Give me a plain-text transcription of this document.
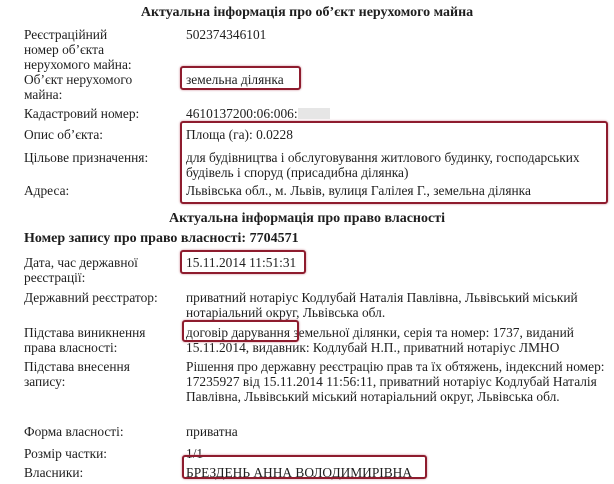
Актуальна інформація про об’єкт нерухомого майна
Реєстраційний номер об’єкта нерухомого майна:
502374346101
Об’єкт нерухомого майна:
земельна ділянка
Кадастровий номер:	4610137200:06:006:
Опис об’єкта:	Площа (га): 0.0228
Цільове призначення:	для будівництва і обслуговування житлового будинку, господарських будівель і споруд (присадибна ділянка)
Адреса:	Львівська обл., м. Львів, вулиця Галілея Г., земельна ділянка
Актуальна інформація про право власності
Номер запису про право власності: 7704571
Дата, час державної реєстрації:
15.11.2014 11:51:31
Державний реєстратор:	приватний нотаріус Кодлубай Наталія Павлівна, Львівський міський нотаріальний округ, Львівська обл.
Підстава виникнення права власності:
договір дарування земельної ділянки, серія та номер: 1737, виданий 15.11.2014, видавник: Кодлубай Н.П., приватний нотаріус ЛМНО
Підстава внесення запису:
Рішення про державну реєстрацію прав та їх обтяжень, індексний номер: 17235927 від 15.11.2014 11:56:11, приватний нотаріус Кодлубай Наталія Павлівна, Львівський міський нотаріальний округ, Львівська обл.
Форма власності:	приватна
Розмір частки:	1/1
Власники:	БРЕЗДЕНЬ АННА ВОЛОДИМИРІВНА
